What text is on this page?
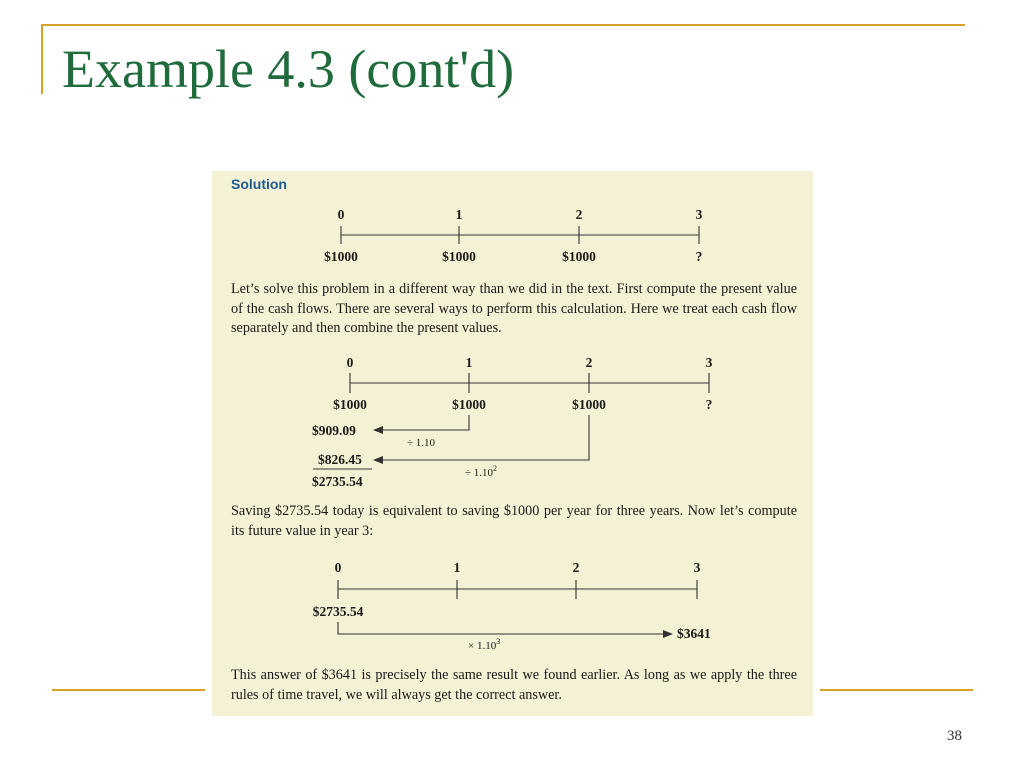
Example 4.3 (cont'd)
Solution
0	1	2	3
$1000	$1000	$1000	?

Let’s solve this problem in a different way than we did in the text. First compute the present value of the cash flows. There are several ways to perform this calculation. Here we treat each cash flow separately and then combine the present values.

0	1	2	3
$1000	$1000	$1000	?
$909.09
÷ 1.10
$826.45
÷ $1.10^2$
$2735.54

Saving $2735.54 today is equivalent to saving $1000 per year for three years. Now let’s compute its future value in year 3:

0	1	2	3
$2735.54
$3641
× $1.10^3$

This answer of $3641 is precisely the same result we found earlier. As long as we apply the three rules of time travel, we will always get the correct answer.

38
